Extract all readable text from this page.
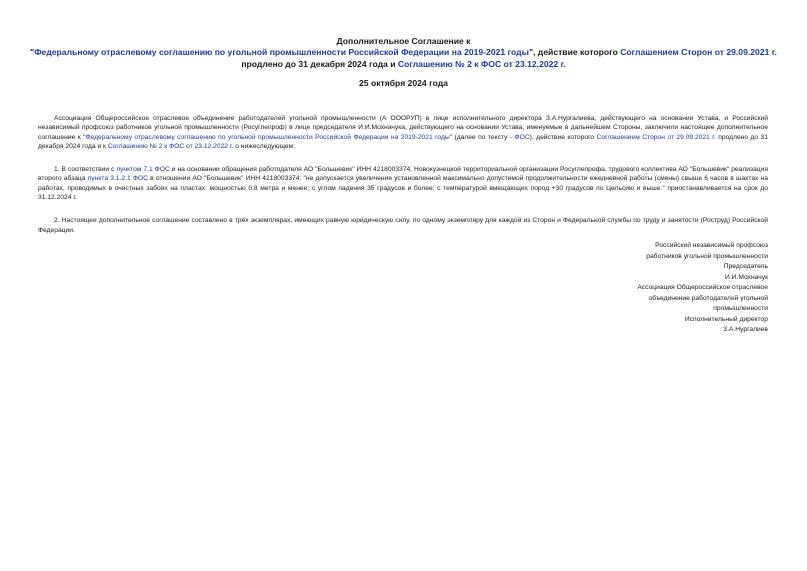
Дополнительное Соглашение к
"Федеральному отраслевому соглашению по угольной промышленности Российской Федерации на 2019-2021 годы", действие которого Соглашением Сторон от 29.09.2021 г. продлено до 31 декабря 2024 года и Соглашению № 2 к ФОС от 23.12.2022 г.
25 октября 2024 года

Ассоциация Общероссийское отраслевое объединение работодателей угольной промышленности (А ОООРУП) в лице исполнительного директора З.А.Нургалиева, действующего на основании Устава, и Российский независимый профсоюз работников угольной промышленности (Росуглепроф) в лице председателя И.И.Мохначука, действующего на основании Устава, именуемые в дальнейшем Стороны, заключили настоящее дополнительное соглашение к "Федеральному отраслевому соглашению по угольной промышленности Российской Федерации на 2019-2021 годы" (далее по тексту - ФОС), действие которого Соглашением Сторон от 29.09.2021 г. продлено до 31 декабря 2024 года и к Соглашению № 2 к ФОС от 23.12.2022 г. о нижеследующем:

1. В соответствии с пунктом 7.1 ФОС и на основании обращения работодателя АО "Большевик" ИНН 4218003374, Новокузнецкой территориальной организации Росуглепрофа, трудового коллектива АО "Большевик" реализация второго абзаца пункта 3.1.2.1 ФОС в отношении АО "Большевик" ИНН 4218003374: "не допускается увеличение установленной максимально допустимой продолжительности ежедневной работы (смены) свыше 6 часов в шахтах на работах, проводимых в очистных забоях на пластах: мощностью 0,8 метра и менее; с углом падения 35 градусов и более; с температурой вмещающих пород +30 градусов по Цельсию и выше." приостанавливается на срок до 31.12.2024 г.

2. Настоящее дополнительное соглашение составлено в трёх экземплярах, имеющих равную юридическую силу, по одному экземпляру для каждой из Сторон и Федеральной службы по труду и занятости (Роструд) Российской Федерации.

Российский независимый профсоюз
работников угольной промышленности
Председатель
И.И.Мохначук
Ассоциация Общероссийское отраслевое
объединение работодателей угольной
промышленности
Исполнительный директор
З.А.Нургалиев
